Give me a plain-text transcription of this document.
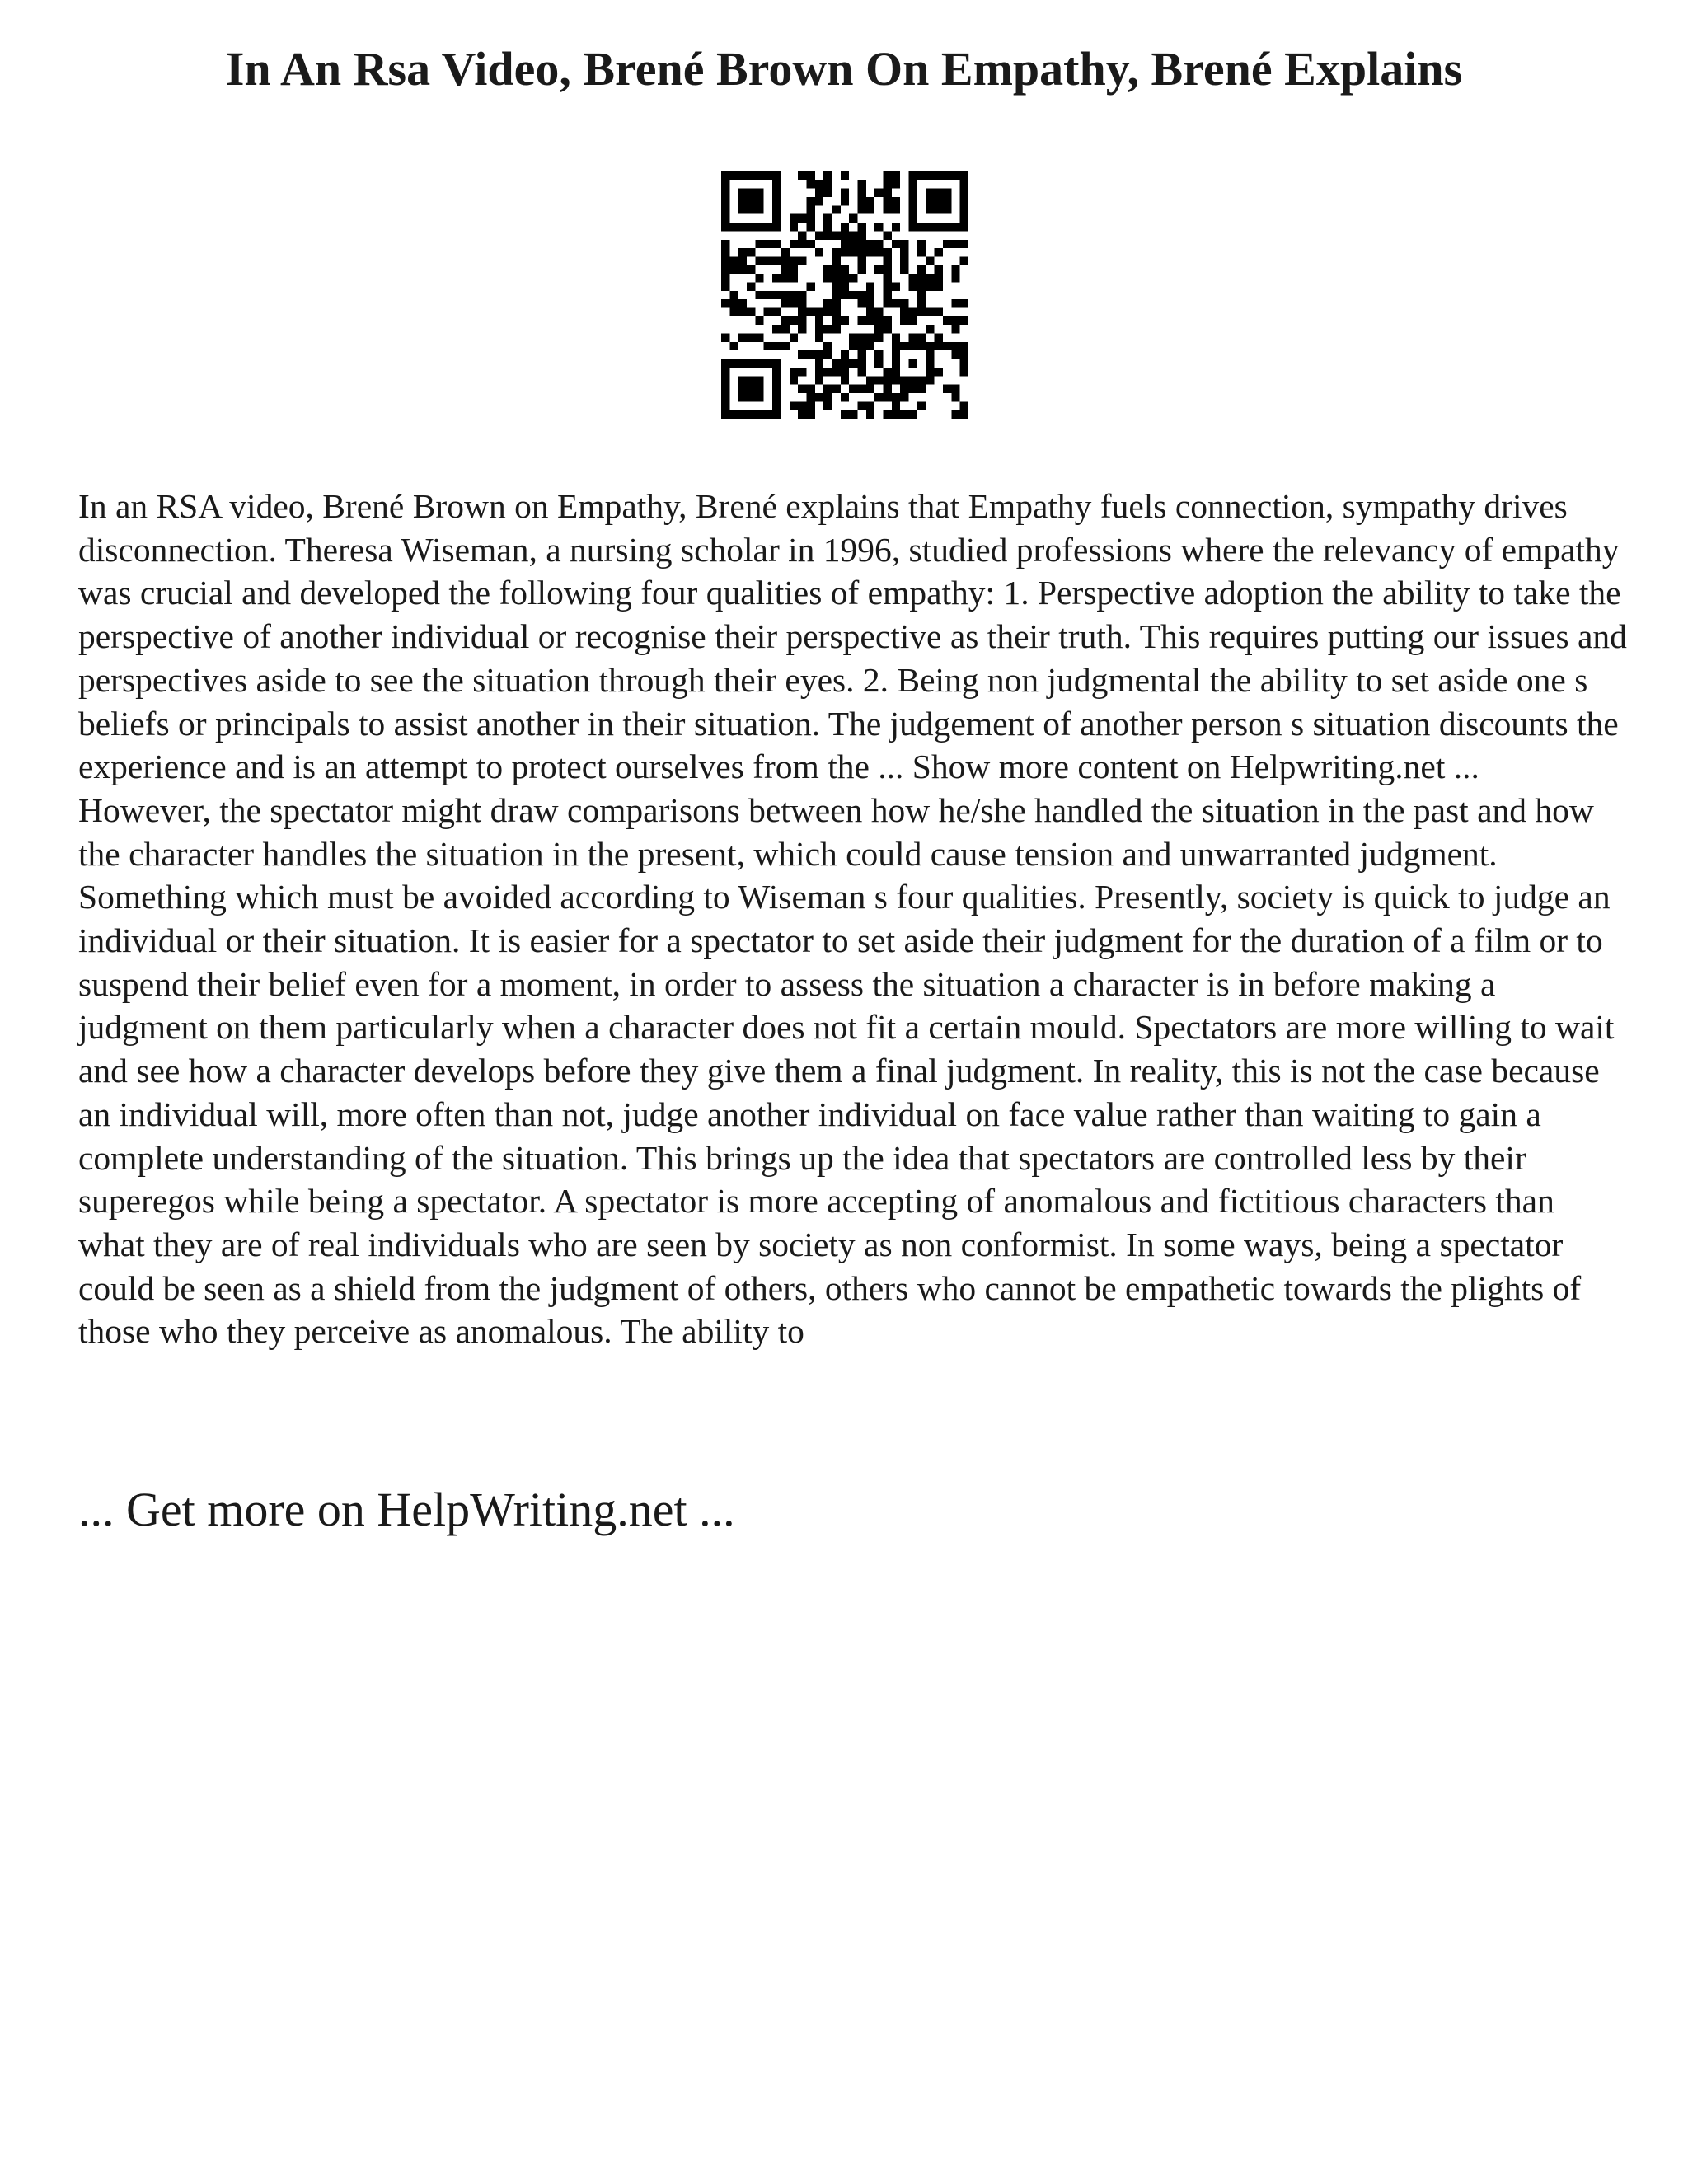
In An Rsa Video, Brené Brown On Empathy, Brené Explains

In an RSA video, Brené Brown on Empathy, Brené explains that Empathy fuels connection, sympathy drives disconnection. Theresa Wiseman, a nursing scholar in 1996, studied professions where the relevancy of empathy was crucial and developed the following four qualities of empathy: 1. Perspective adoption the ability to take the perspective of another individual or recognise their perspective as their truth. This requires putting our issues and perspectives aside to see the situation through their eyes. 2. Being non judgmental the ability to set aside one s beliefs or principals to assist another in their situation. The judgement of another person s situation discounts the experience and is an attempt to protect ourselves from the ... Show more content on Helpwriting.net ...

However, the spectator might draw comparisons between how he/she handled the situation in the past and how the character handles the situation in the present, which could cause tension and unwarranted judgment. Something which must be avoided according to Wiseman s four qualities. Presently, society is quick to judge an individual or their situation. It is easier for a spectator to set aside their judgment for the duration of a film or to suspend their belief even for a moment, in order to assess the situation a character is in before making a judgment on them particularly when a character does not fit a certain mould. Spectators are more willing to wait and see how a character develops before they give them a final judgment. In reality, this is not the case because an individual will, more often than not, judge another individual on face value rather than waiting to gain a complete understanding of the situation. This brings up the idea that spectators are controlled less by their superegos while being a spectator. A spectator is more accepting of anomalous and fictitious characters than what they are of real individuals who are seen by society as non conformist. In some ways, being a spectator could be seen as a shield from the judgment of others, others who cannot be empathetic towards the plights of those who they perceive as anomalous. The ability to

... Get more on HelpWriting.net ...
